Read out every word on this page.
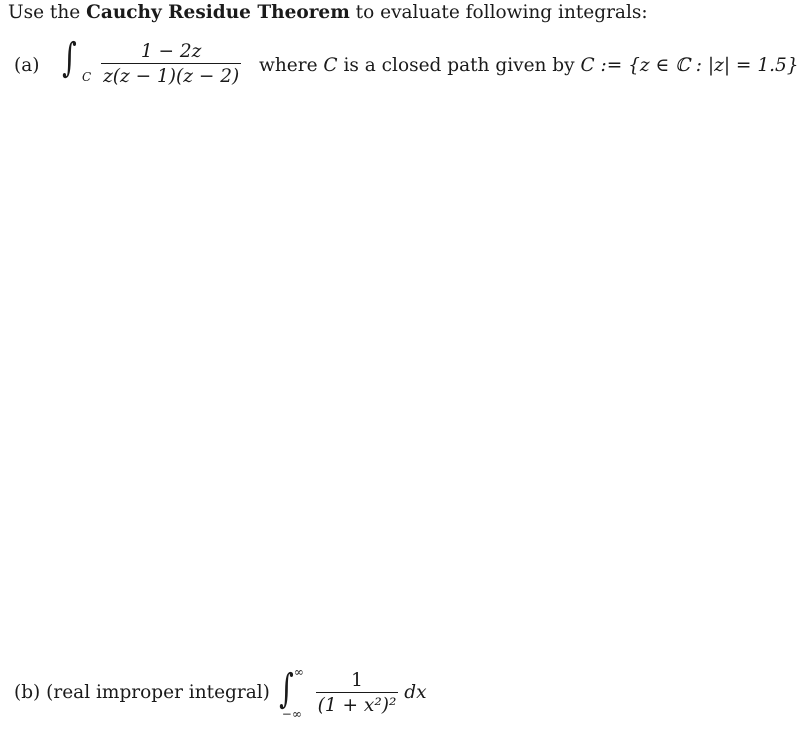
Use the Cauchy Residue Theorem to evaluate following integrals:
(a) ∫ $_C \frac{1 - 2z}{z(z - 1)(z - 2)}$ where C is a closed path given by C := {z ∈ ℂ : |z| = 1.5}
(b) (real improper integral) ∫ ∞
−∞
$\frac{1}{\text{(1 + x²)²}}$ dx
